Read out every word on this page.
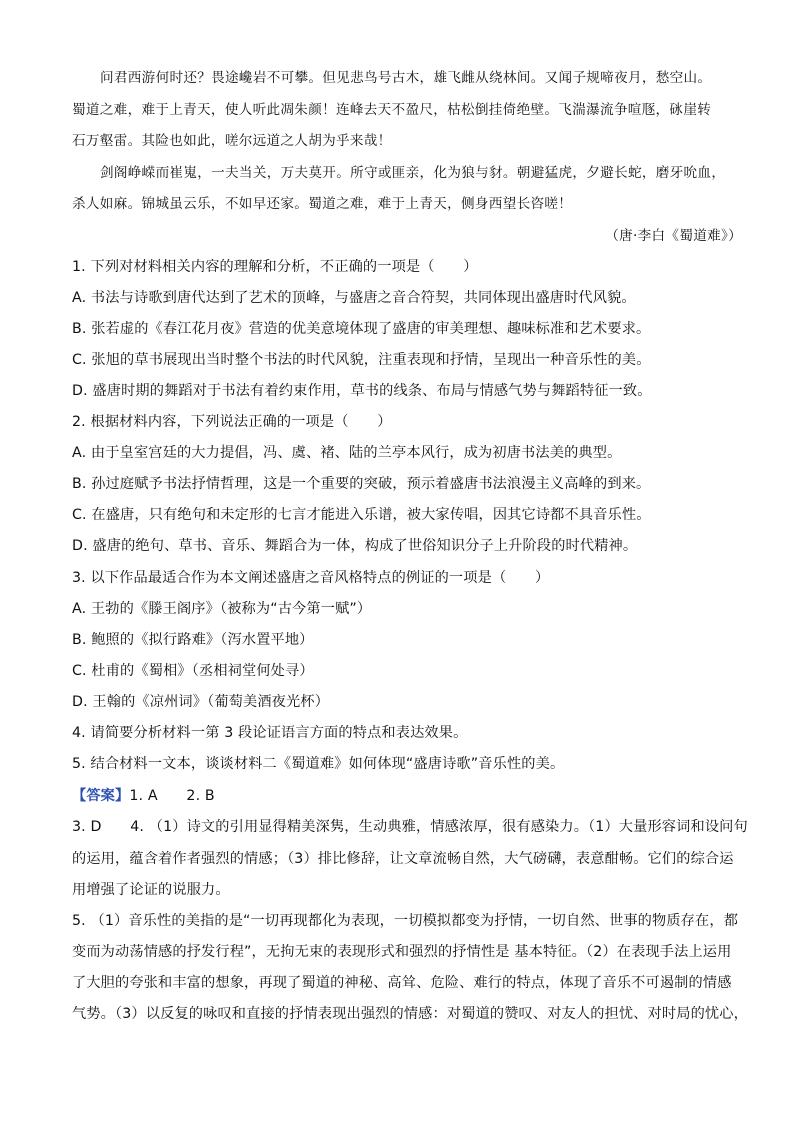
问君西游何时还？畏途巉岩不可攀。但见悲鸟号古木，雄飞雌从绕林间。又闻子规啼夜月，愁空山。
蜀道之难，难于上青天，使人听此凋朱颜！连峰去天不盈尺，枯松倒挂倚绝壁。飞湍瀑流争喧豗，砯崖转
石万壑雷。其险也如此，嗟尔远道之人胡为乎来哉！
剑阁峥嵘而崔嵬，一夫当关，万夫莫开。所守或匪亲，化为狼与豺。朝避猛虎，夕避长蛇，磨牙吮血，
杀人如麻。锦城虽云乐，不如早还家。蜀道之难，难于上青天，侧身西望长咨嗟！
（唐·李白《蜀道难》）
1. 下列对材料相关内容的理解和分析，不正确的一项是（　　）
A. 书法与诗歌到唐代达到了艺术的顶峰，与盛唐之音合符契，共同体现出盛唐时代风貌。
B. 张若虚的《春江花月夜》营造的优美意境体现了盛唐的审美理想、趣味标准和艺术要求。
C. 张旭的草书展现出当时整个书法的时代风貌，注重表现和抒情，呈现出一种音乐性的美。
D. 盛唐时期的舞蹈对于书法有着约束作用，草书的线条、布局与情感气势与舞蹈特征一致。
2. 根据材料内容，下列说法正确的一项是（　　）
A. 由于皇室宫廷的大力提倡，冯、虞、褚、陆的兰亭本风行，成为初唐书法美的典型。
B. 孙过庭赋予书法抒情哲理，这是一个重要的突破，预示着盛唐书法浪漫主义高峰的到来。
C. 在盛唐，只有绝句和未定形的七言才能进入乐谱，被大家传唱，因其它诗都不具音乐性。
D. 盛唐的绝句、草书、音乐、舞蹈合为一体，构成了世俗知识分子上升阶段的时代精神。
3. 以下作品最适合作为本文阐述盛唐之音风格特点的例证的一项是（　　）
A. 王勃的《滕王阁序》（被称为“古今第一赋”）
B. 鲍照的《拟行路难》（泻水置平地）
C. 杜甫的《蜀相》（丞相祠堂何处寻）
D. 王翰的《凉州词》（葡萄美酒夜光杯）
4. 请简要分析材料一第 3 段论证语言方面的特点和表达效果。
5. 结合材料一文本，谈谈材料二《蜀道难》如何体现“盛唐诗歌”音乐性的美。
【答案】1. A　　2. B
3. D　　4. （1）诗文的引用显得精美深隽，生动典雅，情感浓厚，很有感染力。（1）大量形容词和设问句
的运用，蕴含着作者强烈的情感；（3）排比修辞，让文章流畅自然，大气磅礴，表意酣畅。它们的综合运
用增强了论证的说服力。
5. （1）音乐性的美指的是“一切再现都化为表现，一切模拟都变为抒情，一切自然、世事的物质存在，都
变而为动荡情感的抒发行程”，无拘无束的表现形式和强烈的抒情性是 基本特征。（2）在表现手法上运用
了大胆的夸张和丰富的想象，再现了蜀道的神秘、高耸、危险、难行的特点，体现了音乐不可遏制的情感
气势。（3）以反复的咏叹和直接的抒情表现出强烈的情感：对蜀道的赞叹、对友人的担忧、对时局的忧心，
